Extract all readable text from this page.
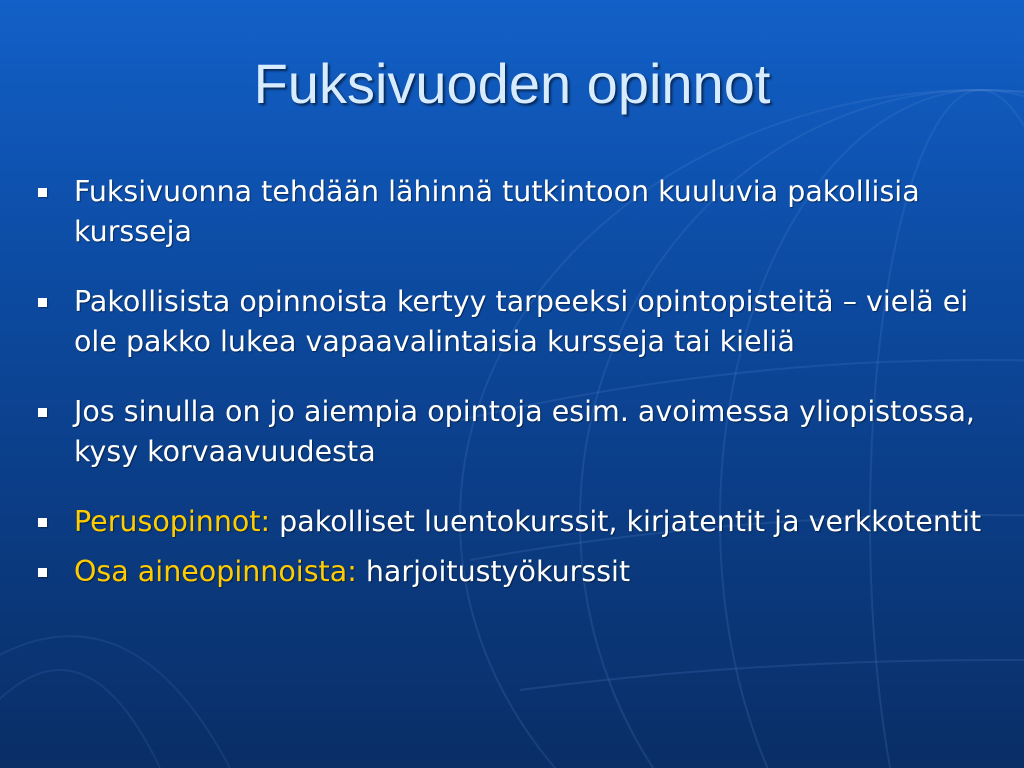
Fuksivuoden opinnot
Fuksivuonna tehdään lähinnä tutkintoon kuuluvia pakollisia kursseja
Pakollisista opinnoista kertyy tarpeeksi opintopisteitä – vielä ei ole pakko lukea vapaavalintaisia kursseja tai kieliä
Jos sinulla on jo aiempia opintoja esim. avoimessa yliopistossa, kysy korvaavuudesta
Perusopinnot: pakolliset luentokurssit, kirjatentit ja verkkotentit
Osa aineopinnoista: harjoitustyökurssit
